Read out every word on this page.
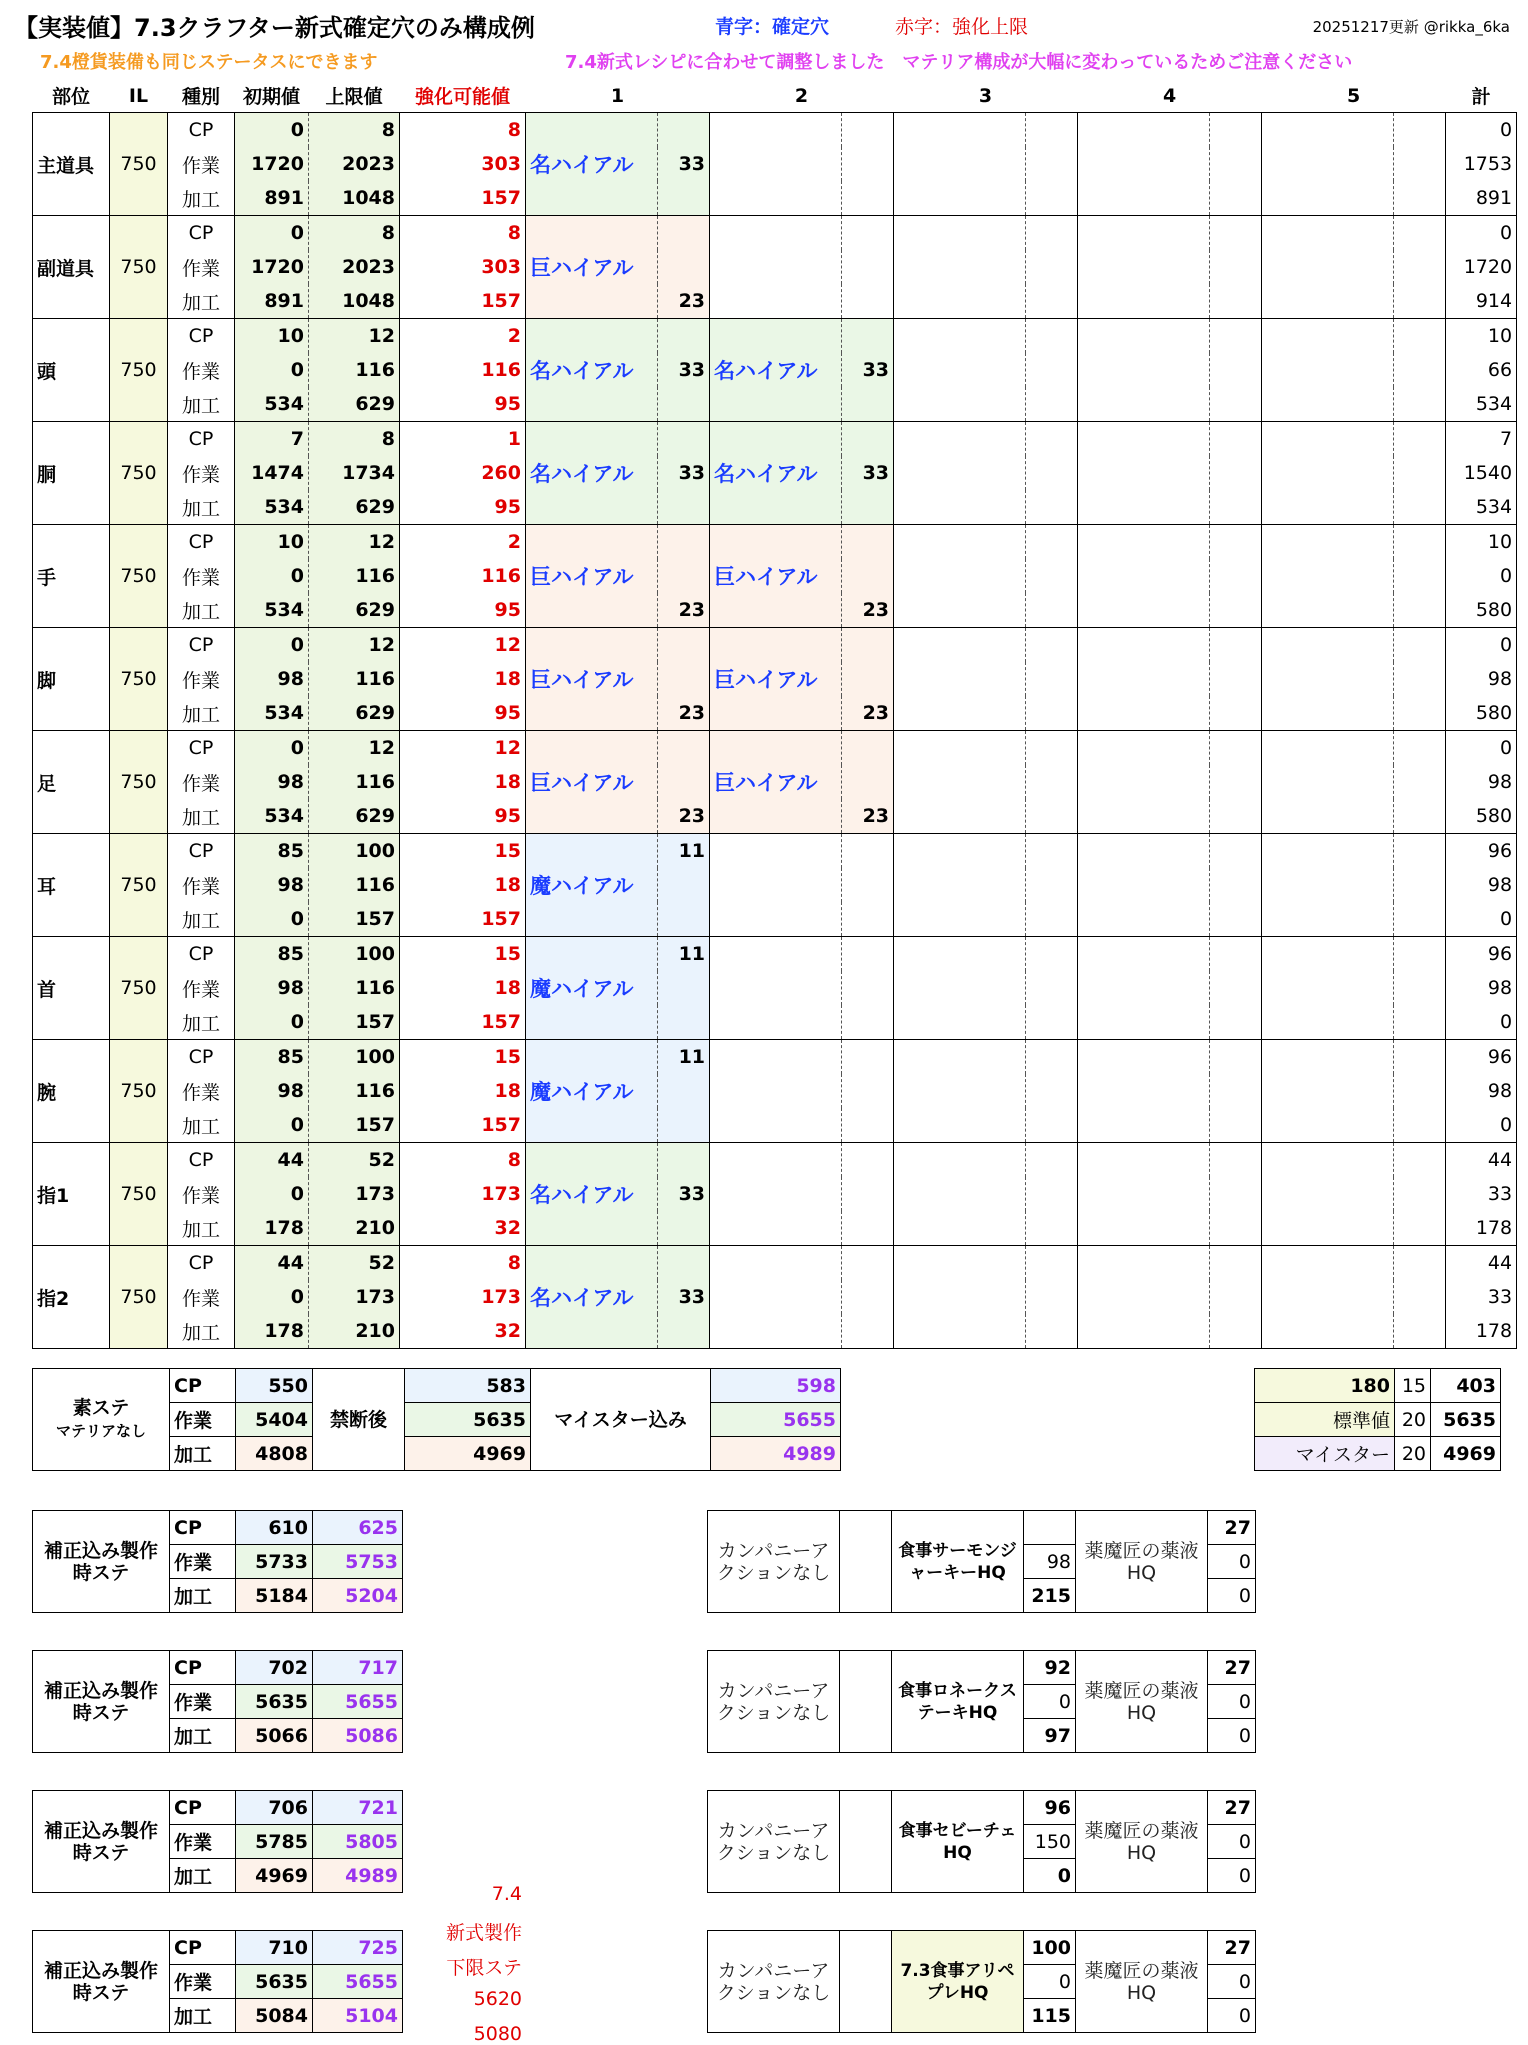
【実装値】7.3クラフター新式確定穴のみ構成例	青字：確定穴	赤字：強化上限	20251217更新 @rikka_6ka
7.4橙貨装備も同じステータスにできます	7.4新式レシピに合わせて調整しました　マテリア構成が大幅に変わっているためご注意ください
部位	IL	種別	初期値	上限値	強化可能値	1		2		3		4		5		計
主道具	750	CP	0	8	8	名ハイアル										0
		作業	1720	2023	303		33									1753
		加工	891	1048	157											891
副道具	750	CP	0	8	8	巨ハイアル										0
		作業	1720	2023	303											1720
		加工	891	1048	157		23									914
頭	750	CP	10	12	2	名ハイアル		名ハイアル								10
		作業	0	116	116		33		33							66
		加工	534	629	95											534
胴	750	CP	7	8	1	名ハイアル		名ハイアル								7
		作業	1474	1734	260		33		33							1540
		加工	534	629	95											534
手	750	CP	10	12	2	巨ハイアル		巨ハイアル								10
		作業	0	116	116											0
		加工	534	629	95		23		23							580
脚	750	CP	0	12	12	巨ハイアル		巨ハイアル								0
		作業	98	116	18											98
		加工	534	629	95		23		23							580
足	750	CP	0	12	12	巨ハイアル		巨ハイアル								0
		作業	98	116	18											98
		加工	534	629	95		23		23							580
耳	750	CP	85	100	15	魔ハイアル	11									96
		作業	98	116	18											98
		加工	0	157	157											0
首	750	CP	85	100	15	魔ハイアル	11									96
		作業	98	116	18											98
		加工	0	157	157											0
腕	750	CP	85	100	15	魔ハイアル	11									96
		作業	98	116	18											98
		加工	0	157	157											0
指1	750	CP	44	52	8	名ハイアル										44
		作業	0	173	173		33									33
		加工	178	210	32											178
指2	750	CP	44	52	8	名ハイアル										44
		作業	0	173	173		33									33
		加工	178	210	32											178
素ステ
マテリアなし	CP	550	禁断後	583	マイスター込み	598
	作業	5404		5635		5655
	加工	4808		4969		4989
180	15	403
標準値	20	5635
マイスター	20	4969
補正込み製作時ステ	CP	610	625
	作業	5733	5753
	加工	5184	5204
カンパニーアクションなし		食事サーモンジャーキーHQ		薬魔匠の薬液HQ	27
			98		0
			215		0
補正込み製作時ステ	CP	702	717
	作業	5635	5655
	加工	5066	5086
カンパニーアクションなし		食事ロネークステーキHQ	92	薬魔匠の薬液HQ	27
			0		0
			97		0
補正込み製作時ステ	CP	706	721
	作業	5785	5805
	加工	4969	4989
カンパニーアクションなし		食事セビーチェHQ	96	薬魔匠の薬液HQ	27
			150		0
			0		0
補正込み製作時ステ	CP	710	725
	作業	5635	5655
	加工	5084	5104
カンパニーアクションなし		7.3食事アリペプレHQ	100	薬魔匠の薬液HQ	27
			0		0
			115		0
7.4
新式製作
下限ステ
5620
5080
